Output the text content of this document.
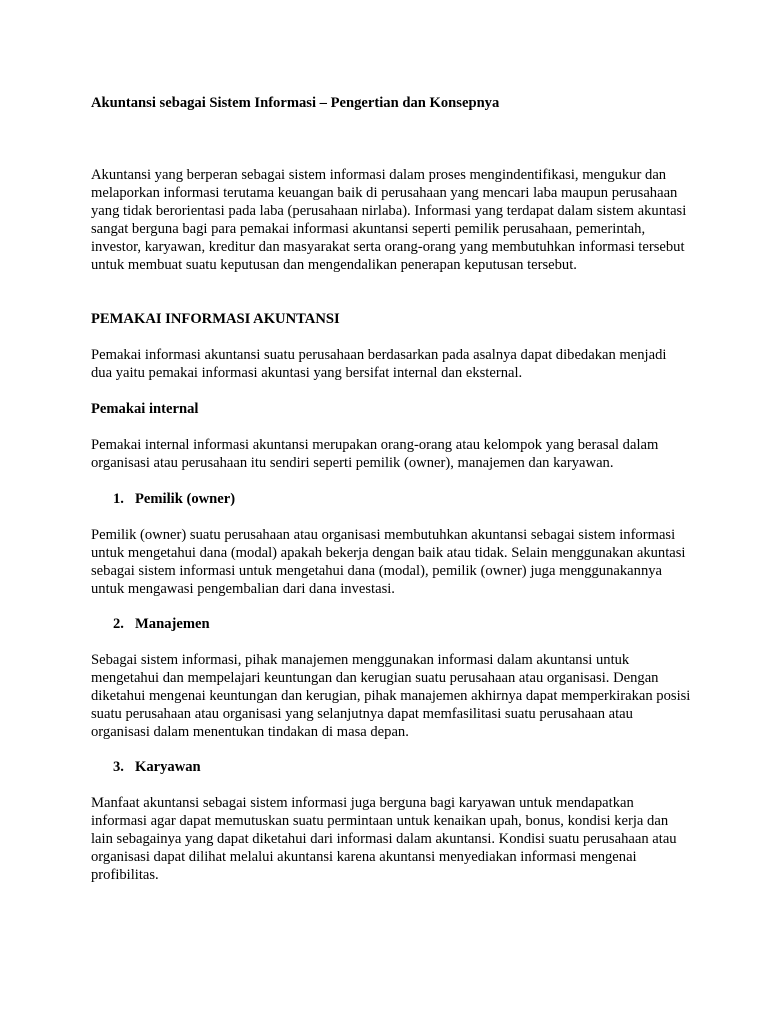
Akuntansi sebagai Sistem Informasi – Pengertian dan Konsepnya

Akuntansi yang berperan sebagai sistem informasi dalam proses mengindentifikasi, mengukur dan melaporkan informasi terutama keuangan baik di perusahaan yang mencari laba maupun perusahaan yang tidak berorientasi pada laba (perusahaan nirlaba). Informasi yang terdapat dalam sistem akuntasi sangat berguna bagi para pemakai informasi akuntansi seperti pemilik perusahaan, pemerintah, investor, karyawan, kreditur dan masyarakat serta orang-orang yang membutuhkan informasi tersebut untuk membuat suatu keputusan dan mengendalikan penerapan keputusan tersebut.

PEMAKAI INFORMASI AKUNTANSI

Pemakai informasi akuntansi suatu perusahaan berdasarkan pada asalnya dapat dibedakan menjadi dua yaitu pemakai informasi akuntasi yang bersifat internal dan eksternal.

Pemakai internal

Pemakai internal informasi akuntansi merupakan orang-orang atau kelompok yang berasal dalam organisasi atau perusahaan itu sendiri seperti pemilik (owner), manajemen dan karyawan.

1. Pemilik (owner)

Pemilik (owner) suatu perusahaan atau organisasi membutuhkan akuntansi sebagai sistem informasi untuk mengetahui dana (modal) apakah bekerja dengan baik atau tidak. Selain menggunakan akuntasi sebagai sistem informasi untuk mengetahui dana (modal), pemilik (owner) juga menggunakannya untuk mengawasi pengembalian dari dana investasi.

2. Manajemen

Sebagai sistem informasi, pihak manajemen menggunakan informasi dalam akuntansi untuk mengetahui dan mempelajari keuntungan dan kerugian suatu perusahaan atau organisasi. Dengan diketahui mengenai keuntungan dan kerugian, pihak manajemen akhirnya dapat memperkirakan posisi suatu perusahaan atau organisasi yang selanjutnya dapat memfasilitasi suatu perusahaan atau organisasi dalam menentukan tindakan di masa depan.

3. Karyawan

Manfaat akuntansi sebagai sistem informasi juga berguna bagi karyawan untuk mendapatkan informasi agar dapat memutuskan suatu permintaan untuk kenaikan upah, bonus, kondisi kerja dan lain sebagainya yang dapat diketahui dari informasi dalam akuntansi. Kondisi suatu perusahaan atau organisasi dapat dilihat melalui akuntansi karena akuntansi menyediakan informasi mengenai profibilitas.
